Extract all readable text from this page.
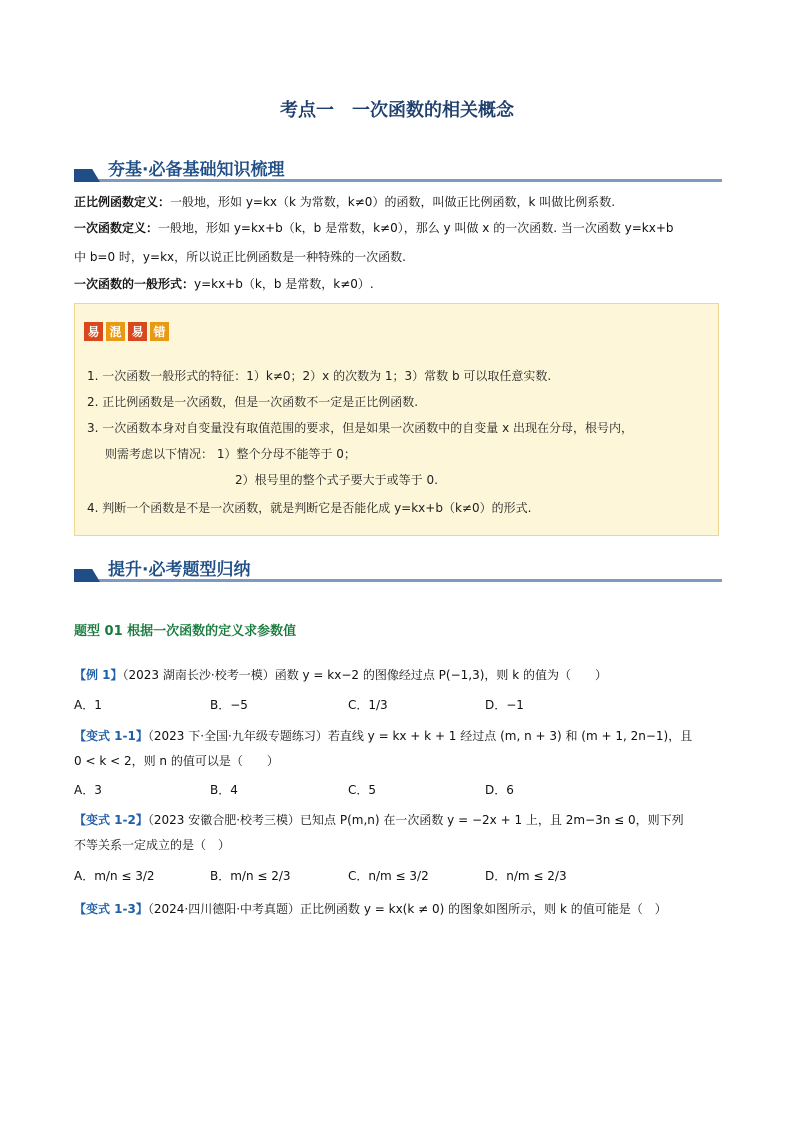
考点一　一次函数的相关概念
夯基·必备基础知识梳理
正比例函数定义：一般地，形如 y=kx（k 为常数，k≠0）的函数，叫做正比例函数，k 叫做比例系数.
一次函数定义：一般地，形如 y=kx+b（k，b 是常数，k≠0），那么 y 叫做 x 的一次函数. 当一次函数 y=kx+b
中 b=0 时，y=kx，所以说正比例函数是一种特殊的一次函数.
一次函数的一般形式：y=kx+b（k，b 是常数，k≠0）.
易 混 易 错
1. 一次函数一般形式的特征：1）k≠0；2）x 的次数为 1；3）常数 b 可以取任意实数.
2. 正比例函数是一次函数，但是一次函数不一定是正比例函数.
3. 一次函数本身对自变量没有取值范围的要求，但是如果一次函数中的自变量 x 出现在分母，根号内，
则需考虑以下情况： 1）整个分母不能等于 0；
2）根号里的整个式子要大于或等于 0.
4. 判断一个函数是不是一次函数，就是判断它是否能化成 y=kx+b（k≠0）的形式.
提升·必考题型归纳
题型 01 根据一次函数的定义求参数值
【例 1】（2023 湖南长沙·校考一模）函数 y = kx−2 的图像经过点 P(−1,3)，则 k 的值为（　　）
A．1	B．−5	C．1/3	D．−1
【变式 1-1】（2023 下·全国·九年级专题练习）若直线 y = kx + k + 1 经过点 (m, n + 3) 和 (m + 1, 2n−1)，且
0 < k < 2，则 n 的值可以是（　　）
A．3	B．4	C．5	D．6
【变式 1-2】（2023 安徽合肥·校考三模）已知点 P(m,n) 在一次函数 y = −2x + 1 上，且 2m−3n ≤ 0，则下列
不等关系一定成立的是（　）
A．m/n ≤ 3/2	B．m/n ≤ 2/3	C．n/m ≤ 3/2	D．n/m ≤ 2/3
【变式 1-3】（2024·四川德阳·中考真题）正比例函数 y = kx(k ≠ 0) 的图象如图所示，则 k 的值可能是（　）
